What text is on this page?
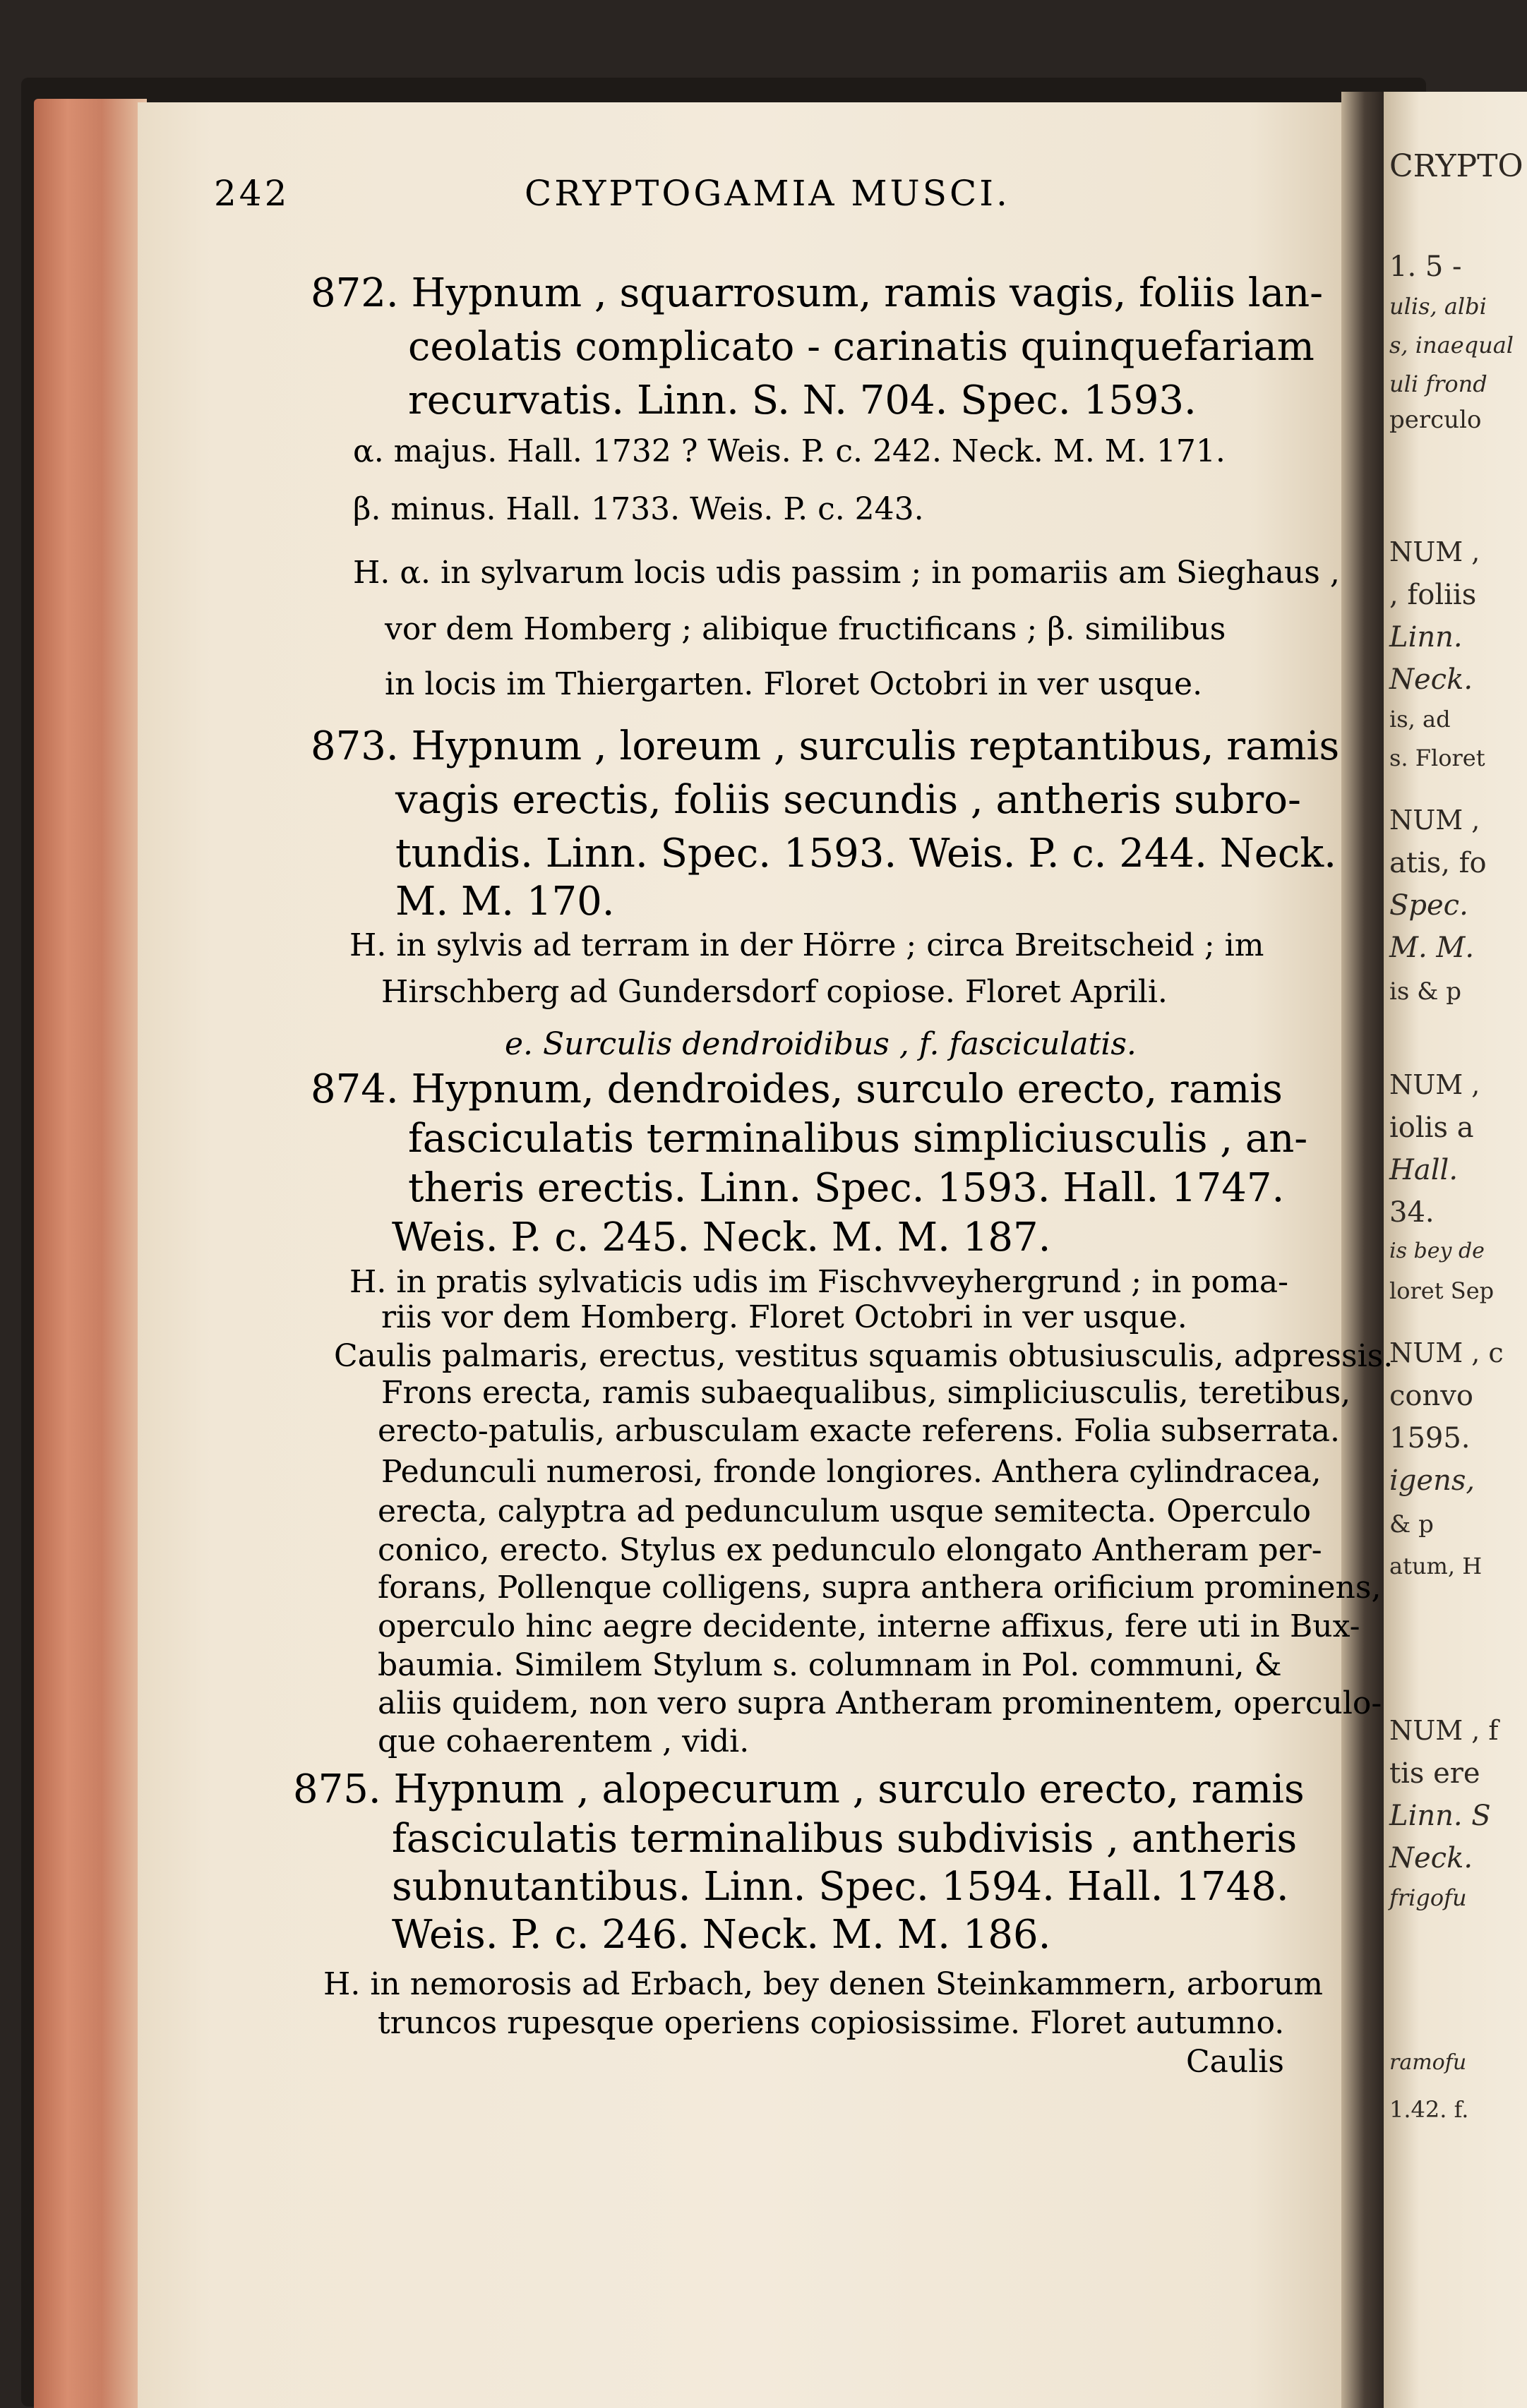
CRYPTO
1. 5 -
ulis, albi
s, inaequal
uli frond
perculo
NUM ,
, foliis
Linn.
Neck.
is, ad
s. Floret
NUM ,
atis, fo
Spec.
M. M.
is & p
NUM ,
iolis a
Hall.
34.
is bey de
loret Sep
NUM , c
convo
1595.
igens,
& p
atum, H
NUM , f
tis ere
Linn. S
Neck.
frigofu
ramofu
1.42. f.
242	CRYPTOGAMIA MUSCI.
872. Hypnum , squarrosum, ramis vagis, foliis lan-
ceolatis complicato - carinatis quinquefariam
recurvatis. Linn. S. N. 704. Spec. 1593.
α. majus. Hall. 1732 ? Weis. P. c. 242. Neck. M. M. 171.
β. minus. Hall. 1733. Weis. P. c. 243.
H. α. in sylvarum locis udis passim ; in pomariis am Sieghaus ,
vor dem Homberg ; alibique fructificans ; β. similibus
in locis im Thiergarten. Floret Octobri in ver usque.
873. Hypnum , loreum , surculis reptantibus, ramis
vagis erectis, foliis secundis , antheris subro-
tundis. Linn. Spec. 1593. Weis. P. c. 244. Neck.
M. M. 170.
H. in sylvis ad terram in der Hörre ; circa Breitscheid ; im
Hirschberg ad Gundersdorf copiose. Floret Aprili.
e. Surculis dendroidibus , f. fasciculatis.
874. Hypnum, dendroides, surculo erecto, ramis
fasciculatis terminalibus simpliciusculis , an-
theris erectis. Linn. Spec. 1593. Hall. 1747.
Weis. P. c. 245. Neck. M. M. 187.
H. in pratis sylvaticis udis im Fischvveyhergrund ; in poma-
riis vor dem Homberg. Floret Octobri in ver usque.
Caulis palmaris, erectus, vestitus squamis obtusiusculis, adpressis.
Frons erecta, ramis subaequalibus, simpliciusculis, teretibus,
erecto-patulis, arbusculam exacte referens. Folia subserrata.
Pedunculi numerosi, fronde longiores. Anthera cylindracea,
erecta, calyptra ad pedunculum usque semitecta. Operculo
conico, erecto. Stylus ex pedunculo elongato Antheram per-
forans, Pollenque colligens, supra anthera orificium prominens,
operculo hinc aegre decidente, interne affixus, fere uti in Bux-
baumia. Similem Stylum s. columnam in Pol. communi, &
aliis quidem, non vero supra Antheram prominentem, operculo-
que cohaerentem , vidi.
875. Hypnum , alopecurum , surculo erecto, ramis
fasciculatis terminalibus subdivisis , antheris
subnutantibus. Linn. Spec. 1594. Hall. 1748.
Weis. P. c. 246. Neck. M. M. 186.
H. in nemorosis ad Erbach, bey denen Steinkammern, arborum
truncos rupesque operiens copiosissime. Floret autumno.
Caulis
